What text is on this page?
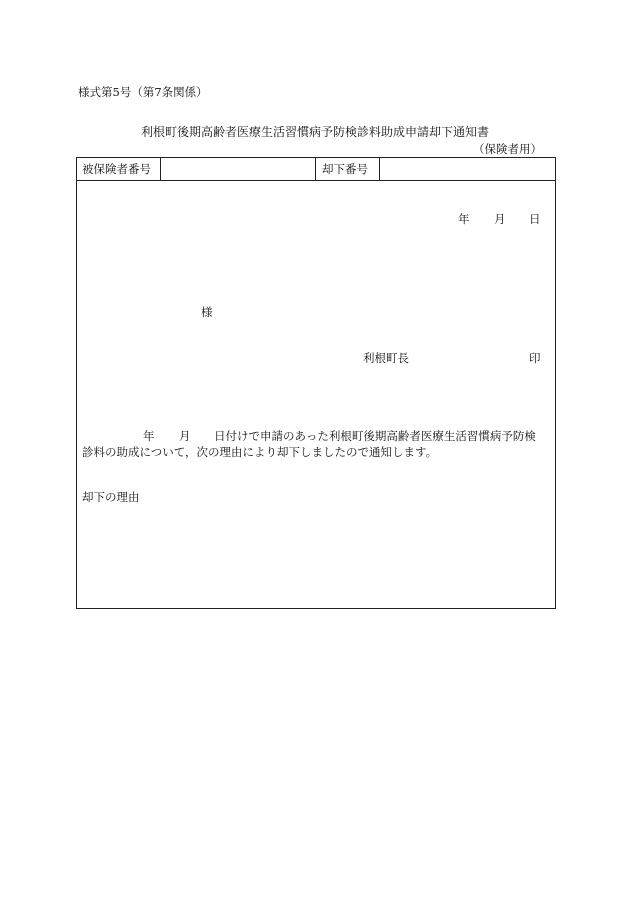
様式第5号（第7条関係）
利根町後期高齢者医療生活習慣病予防検診料助成申請却下通知書
（保険者用）
被保険者番号	却下番号
年 月 日
様
利根町長	印
年 月 日付けで申請のあった利根町後期高齢者医療生活習慣病予防検
診料の助成について，次の理由により却下しましたので通知します。
却下の理由
